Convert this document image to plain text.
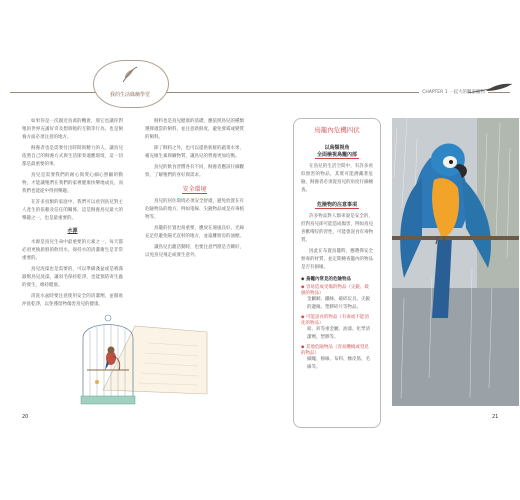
我的生活綠幽學堂	CHAPTER 1 一起大的關家寵物

如果你是一次親近鳥禽的機會，那它也讓你對牠的世界充滿好奇及想與牠的互動等行為，也是飼養方面必須注意的地方。

飼養者也是需要付出時間與精力的人，讓鳥兒依照自己的飼養方式與生活節奏適應環境，這一切都是最重要的事。

鳥兒是需要我們的耐心與愛心細心照顧的動物，才能讓牠們在我們的家裡健康快樂地成長，而我們也能從中得到樂趣。

在許多鳥類的家庭中，我們可以看到鳥兒對主人產生的依賴及信任的關係，這是飼養鳥兒最大的樂趣之一，也是最重要的。

水源

水源是鳥兒生命中最重要的元素之一，每天都必須更換新鮮的飲用水，保持水的清潔衛生是非常重要的。

鳥兒洗澡也是需要的，可以準備淺盆或是噴霧器幫鳥兒洗澡，讓羽毛保持乾淨，也能預防寄生蟲的發生，維持健康。

清洗水盆時要注意使用安全的清潔劑，並徹底沖洗乾淨，以免殘留物傷害鳥兒的健康。

飼料也是鳥兒健康的基礎，應依照鳥兒的種類選擇適當的飼料，並注意新鮮度，避免發霉或變質的飼料。

除了飼料之外，也可以提供新鮮的蔬菜水果，補充維生素與礦物質，讓鳥兒的營養更加均衡。

鳥兒的飲食習慣各有不同，飼養者應該仔細觀察，了解牠們的喜好與需求。

安全環境

鳥兒的居住環境必須安全舒適，避免放置在有危險物品的地方，例如電線、尖銳物品或是有毒植物等。

鳥籠的位置也很重要，應放在通風良好、光線充足但避免陽光直射的地方，並遠離廚房的油煙。

讓鳥兒出籠活動時，也要注意門窗是否關好，以免鳥兒飛走或發生意外。

20
鳥籠內危機四伏
以鳥類視角
全面檢視鳥籠內部

在鳥兒的生活空間中，有許多看似無害的物品，其實可能潛藏著危險，飼養者必須從鳥兒的角度仔細檢查。

危險物的注意事項

許多物品對人類來說是安全的，但對鳥兒卻可能造成傷害，例如鳥兒喜歡啃咬的習性，可能會誤食有毒物質。

因此在布置鳥籠時，應選擇安全無毒的材質，並定期檢查籠內的物品是否有損壞。

◆ 鳥籠內常見的危險物品
◆ 容易造成受傷的物品（尖銳、破損的物品）
金屬網、鐵絲、破碎玩具、尖銳的邊緣、塑膠碎片等物品。
◆ 可能誤食的物品（有毒或不能消化的物品）
鉛、鋅等重金屬、油漆、化學清潔劑、塑膠等。
◆ 其他危險物品（容易纏繞或窒息的物品）
細繩、棉線、布料、橡皮筋、毛線等。
21
